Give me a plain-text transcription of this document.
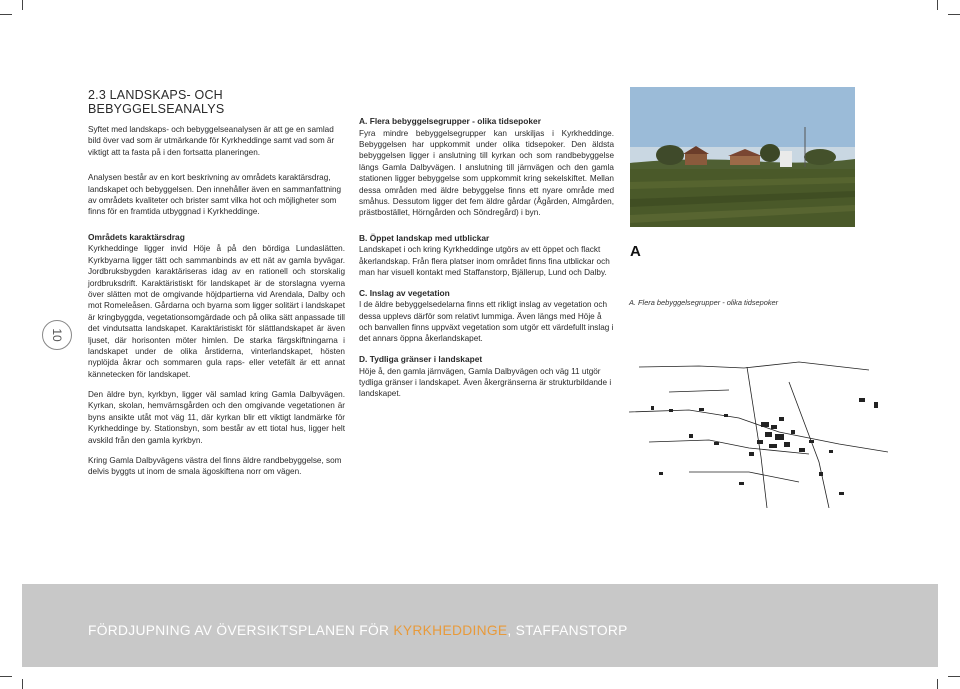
10
2.3 LANDSKAPS- OCH BEBYGGELSEANALYS

Syftet med landskaps- och bebyggelseanalysen är att ge en samlad bild över vad som är utmärkande för Kyrkheddinge samt vad som är viktigt att ta fasta på i den fortsatta planeringen.

Analysen består av en kort beskrivning av områdets karaktärsdrag, landskapet och bebyggelsen. Den innehåller även en sammanfattning av områdets kvaliteter och brister samt vilka hot och möjligheter som finns för en framtida utbyggnad i Kyrkheddinge.

Områdets karaktärsdrag

Kyrkheddinge ligger invid Höje å på den bördiga Lundaslätten. Kyrkbyarna ligger tätt och sammanbinds av ett nät av gamla byvägar. Jordbruksbygden karaktäriseras idag av en rationell och storskalig jordbruksdrift. Karaktäristiskt för landskapet är de storslagna vyerna över slätten mot de omgivande höjdpartierna vid Arendala, Dalby och mot Romeleåsen. Gårdarna och byarna som ligger solitärt i landskapet är kringbyggda, vegetationsomgärdade och på olika sätt anpassade till det vindutsatta landskapet. Karaktäristiskt för slättlandskapet är även ljuset, där horisonten möter himlen. De starka färgskiftningarna i landskapet under de olika årstiderna, vinterlandskapet, hösten nyplöjda åkrar och sommaren gula raps- eller vetefält är ett annat kännetecken för landskapet.

Den äldre byn, kyrkbyn, ligger väl samlad kring Gamla Dalbyvägen. Kyrkan, skolan, hemvärnsgården och den omgivande vegetationen är byns ansikte utåt mot väg 11, där kyrkan blir ett viktigt landmärke för Kyrkheddinge by. Stationsbyn, som består av ett tiotal hus, ligger helt avskild från den gamla kyrkbyn.

Kring Gamla Dalbyvägens västra del finns äldre randbebyggelse, som delvis byggts ut inom de smala ägoskiftena norr om vägen.

A. Flera bebyggelsegrupper - olika tidsepoker

Fyra mindre bebyggelsegrupper kan urskiljas i Kyrkheddinge. Bebyggelsen har uppkommit under olika tidsepoker. Den äldsta bebyggelsen ligger i anslutning till kyrkan och som randbebyggelse längs Gamla Dalbyvägen. I anslutning till järnvägen och den gamla stationen ligger bebyggelse som uppkommit kring sekelskiftet. Mellan dessa områden med äldre bebyggelse finns ett nyare område med småhus. Dessutom ligger det fem äldre gårdar (Ågården, Almgården, prästbostället, Hörngården och Söndregård) i byn.

B. Öppet landskap med utblickar

Landskapet i och kring Kyrkheddinge utgörs av ett öppet och flackt åkerlandskap. Från flera platser inom området finns fina utblickar och man har visuell kontakt med Staffanstorp, Bjällerup, Lund och Dalby.

C. Inslag av vegetation

I de äldre bebyggelsedelarna finns ett rikligt inslag av vegetation och dessa upplevs därför som relativt lummiga. Även längs med Höje å och banvallen finns uppväxt vegetation som utgör ett värdefullt inslag i det annars öppna åkerlandskapet.

D. Tydliga gränser i landskapet

Höje å, den gamla järnvägen, Gamla Dalbyvägen och väg 11 utgör tydliga gränser i landskapet. Även åkergränserna är strukturbildande i landskapet.

A
A. Flera bebyggelsegrupper - olika tidsepoker
FÖRDJUPNING AV ÖVERSIKTSPLANEN FÖR KYRKHEDDINGE, STAFFANSTORP
